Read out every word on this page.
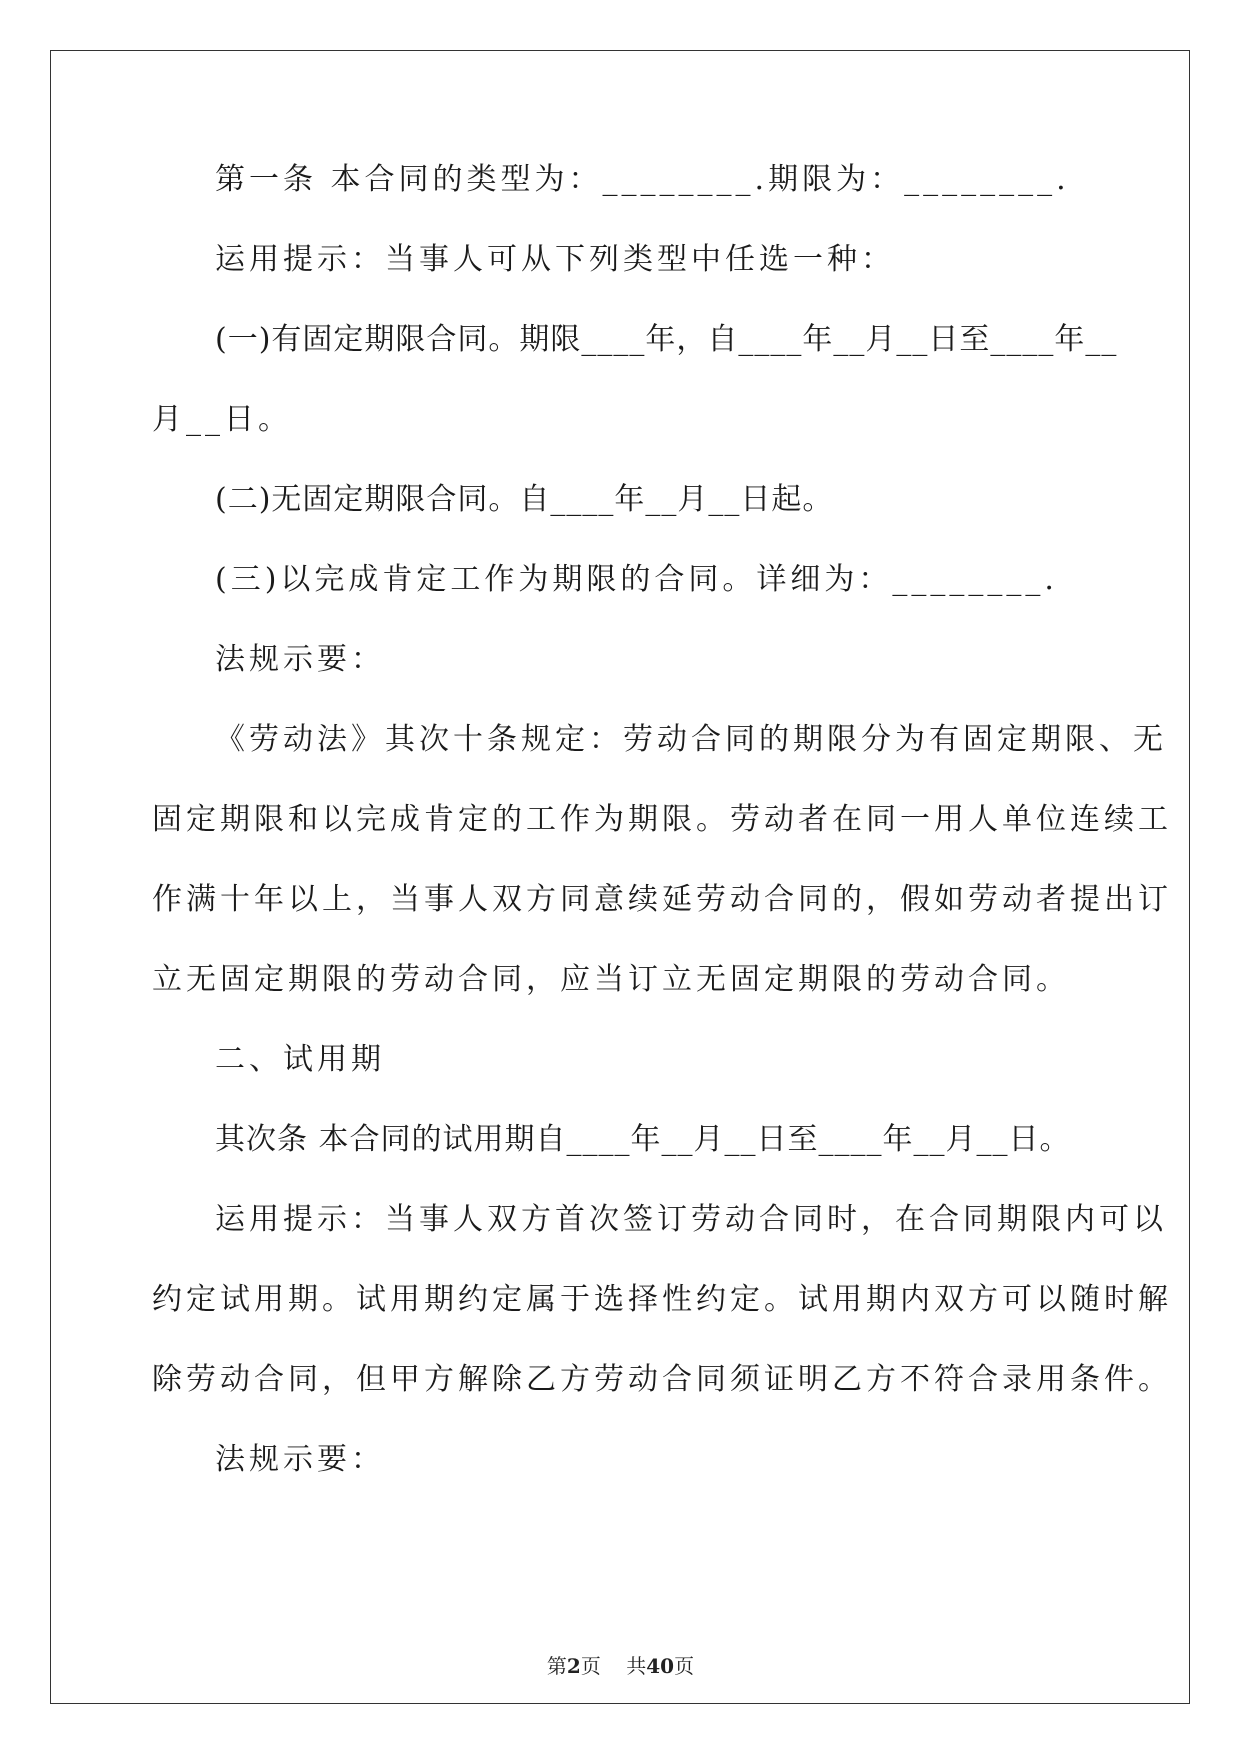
第一条 本合同的类型为：________.期限为：________.

运用提示：当事人可从下列类型中任选一种：

(一)有固定期限合同。期限____年，自____年__月__日至____年__

月__日。

(二)无固定期限合同。自____年__月__日起。

(三)以完成肯定工作为期限的合同。详细为：________.

法规示要：

《劳动法》其次十条规定：劳动合同的期限分为有固定期限、无

固定期限和以完成肯定的工作为期限。劳动者在同一用人单位连续工

作满十年以上，当事人双方同意续延劳动合同的，假如劳动者提出订

立无固定期限的劳动合同，应当订立无固定期限的劳动合同。

二、试用期

其次条 本合同的试用期自____年__月__日至____年__月__日。

运用提示：当事人双方首次签订劳动合同时，在合同期限内可以

约定试用期。试用期约定属于选择性约定。试用期内双方可以随时解

除劳动合同，但甲方解除乙方劳动合同须证明乙方不符合录用条件。

法规示要：

第2页 共40页
